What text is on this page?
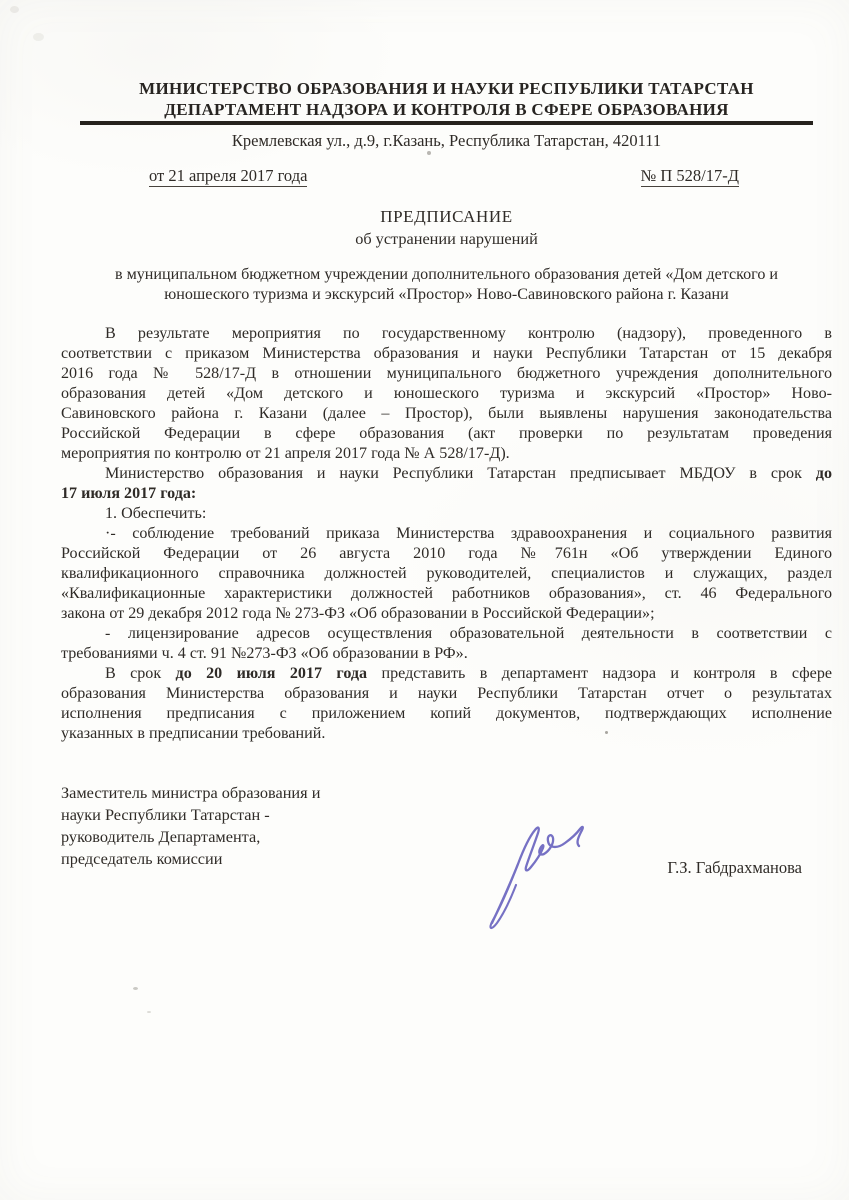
МИНИСТЕРСТВО ОБРАЗОВАНИЯ И НАУКИ РЕСПУБЛИКИ ТАТАРСТАН
ДЕПАРТАМЕНТ НАДЗОРА И КОНТРОЛЯ В СФЕРЕ ОБРАЗОВАНИЯ
Кремлевская ул., д.9, г.Казань, Республика Татарстан, 420111
от 21 апреля 2017 года	№ П 528/17-Д
ПРЕДПИСАНИЕ
об устранении нарушений
в муниципальном бюджетном учреждении дополнительного образования детей «Дом детского и
юношеского туризма и экскурсий «Простор» Ново-Савиновского района г. Казани
В результате мероприятия по государственному контролю (надзору), проведенного в
соответствии с приказом Министерства образования и науки Республики Татарстан от 15 декабря
2016 года № 528/17-Д в отношении муниципального бюджетного учреждения дополнительного
образования детей «Дом детского и юношеского туризма и экскурсий «Простор» Ново-
Савиновского района г. Казани (далее – Простор), были выявлены нарушения законодательства
Российской Федерации в сфере образования (акт проверки по результатам проведения
мероприятия по контролю от 21 апреля 2017 года № А 528/17-Д).
Министерство образования и науки Республики Татарстан предписывает МБДОУ в срок до
17 июля 2017 года:
1. Обеспечить:
·- соблюдение требований приказа Министерства здравоохранения и социального развития
Российской Федерации от 26 августа 2010 года №761н «Об утверждении Единого
квалификационного справочника должностей руководителей, специалистов и служащих, раздел
«Квалификационные характеристики должностей работников образования», ст. 46 Федерального
закона от 29 декабря 2012 года № 273-ФЗ «Об образовании в Российской Федерации»;
- лицензирование адресов осуществления образовательной деятельности в соответствии с
требованиями ч. 4 ст. 91 №273-ФЗ «Об образовании в РФ».
В срок до 20 июля 2017 года представить в департамент надзора и контроля в сфере
образования Министерства образования и науки Республики Татарстан отчет о результатах
исполнения предписания с приложением копий документов, подтверждающих исполнение
указанных в предписании требований.
Заместитель министра образования и
науки Республики Татарстан -
руководитель Департамента,
председатель комиссии	Г.З. Габдрахманова
